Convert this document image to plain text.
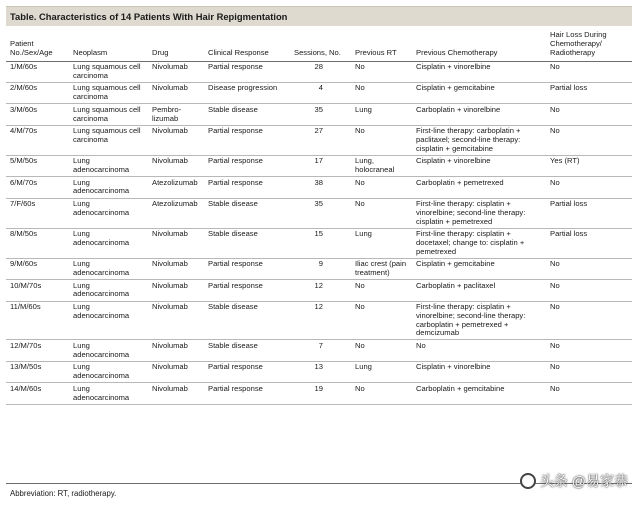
Table. Characteristics of 14 Patients With Hair Repigmentation
Patient No./Sex/Age	Neoplasm	Drug	Clinical Response	Sessions, No.	Previous RT	Previous Chemotherapy	Hair Loss During Chemotherapy/ Radiotherapy
1/M/60s	Lung squamous cell carcinoma	Nivolumab	Partial response	28	No	Cisplatin + vinorelbine	No
2/M/60s	Lung squamous cell carcinoma	Nivolumab	Disease progression	4	No	Cisplatin + gemcitabine	Partial loss
3/M/60s	Lung squamous cell carcinoma	Pembro-lizumab	Stable disease	35	Lung	Carboplatin + vinorelbine	No
4/M/70s	Lung squamous cell carcinoma	Nivolumab	Partial response	27	No	First-line therapy: carboplatin + paclitaxel; second-line therapy: cisplatin + gemcitabine	No
5/M/50s	Lung adenocarcinoma	Nivolumab	Partial response	17	Lung, holocraneal	Cisplatin + vinorelbine	Yes (RT)
6/M/70s	Lung adenocarcinoma	Atezolizumab	Partial response	38	No	Carboplatin + pemetrexed	No
7/F/60s	Lung adenocarcinoma	Atezolizumab	Stable disease	35	No	First-line therapy: cisplatin + vinorelbine; second-line therapy: cisplatin + pemetrexed	Partial loss
8/M/50s	Lung adenocarcinoma	Nivolumab	Stable disease	15	Lung	First-line therapy: cisplatin + docetaxel; change to: cisplatin + pemetrexed	Partial loss
9/M/60s	Lung adenocarcinoma	Nivolumab	Partial response	9	Iliac crest (pain treatment)	Cisplatin + gemcitabine	No
10/M/70s	Lung adenocarcinoma	Nivolumab	Partial response	12	No	Carboplatin + paclitaxel	No
11/M/60s	Lung adenocarcinoma	Nivolumab	Stable disease	12	No	First-line therapy: cisplatin + vinorelbine; second-line therapy: carboplatin + pemetrexed + demcizumab	No
12/M/70s	Lung adenocarcinoma	Nivolumab	Stable disease	7	No	No	No
13/M/50s	Lung adenocarcinoma	Nivolumab	Partial response	13	Lung	Cisplatin + vinorelbine	No
14/M/60s	Lung adenocarcinoma	Nivolumab	Partial response	19	No	Carboplatin + gemcitabine	No
Abbreviation: RT, radiotherapy.
头条 @易家恭
